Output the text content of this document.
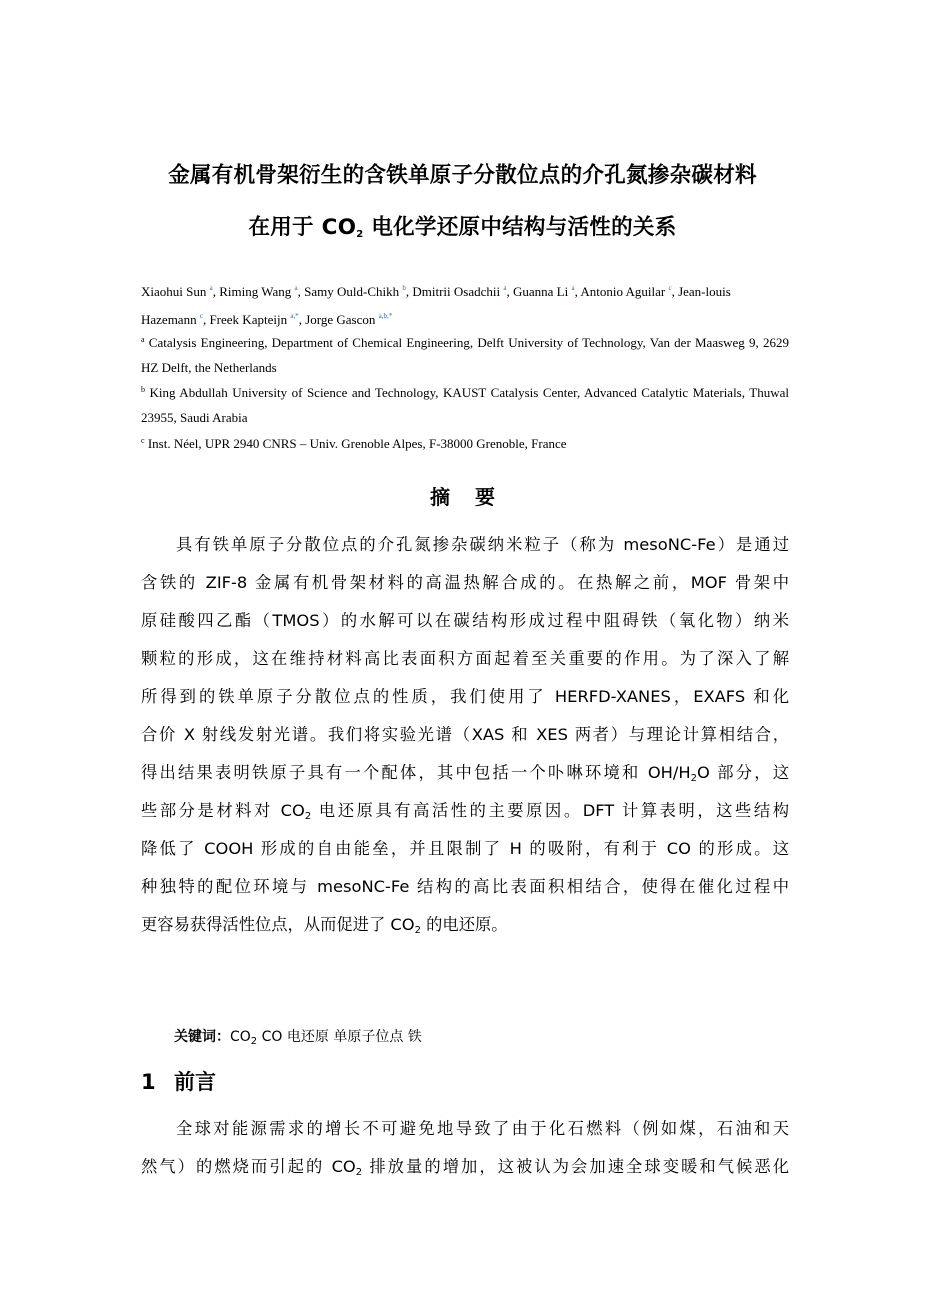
金属有机骨架衍生的含铁单原子分散位点的介孔氮掺杂碳材料
在用于 $CO_2$ 电化学还原中结构与活性的关系
Xiaohui Sun $^a$, Riming Wang $^a$, Samy Ould-Chikh $^b$, Dmitrii Osadchii $^a$, Guanna Li $^a$, Antonio Aguilar $^c$, Jean-louis Hazemann $^c$, Freek Kapteijn $^{a,*}$, Jorge Gascon $^{a,b,*}$
$^a$ Catalysis Engineering, Department of Chemical Engineering, Delft University of Technology, Van der Maasweg 9, 2629 HZ Delft, the Netherlands
$^b$ King Abdullah University of Science and Technology, KAUST Catalysis Center, Advanced Catalytic Materials, Thuwal 23955, Saudi Arabia
$^c$ Inst. Néel, UPR 2940 CNRS – Univ. Grenoble Alpes, F-38000 Grenoble, France
摘 要
具有铁单原子分散位点的介孔氮掺杂碳纳米粒子（称为 mesoNC-Fe）是通过
含铁的 ZIF-8 金属有机骨架材料的高温热解合成的。在热解之前，MOF 骨架中
原硅酸四乙酯（TMOS）的水解可以在碳结构形成过程中阻碍铁（氧化物）纳米
颗粒的形成，这在维持材料高比表面积方面起着至关重要的作用。为了深入了解
所得到的铁单原子分散位点的性质，我们使用了 HERFD-XANES，EXAFS 和化
合价 X 射线发射光谱。我们将实验光谱（XAS 和 XES 两者）与理论计算相结合，
得出结果表明铁原子具有一个配体，其中包括一个卟啉环境和 $OH/H_2O$ 部分，这
些部分是材料对 $CO_2$ 电还原具有高活性的主要原因。DFT 计算表明，这些结构
降低了 COOH 形成的自由能垒，并且限制了 H 的吸附，有利于 CO 的形成。这
种独特的配位环境与 mesoNC-Fe 结构的高比表面积相结合，使得在催化过程中
更容易获得活性位点，从而促进了 $CO_2$ 的电还原。
关键词：$CO_2$ CO 电还原 单原子位点 铁
1 前言
全球对能源需求的增长不可避免地导致了由于化石燃料（例如煤，石油和天
然气）的燃烧而引起的 $CO_2$ 排放量的增加，这被认为会加速全球变暖和气候恶化
